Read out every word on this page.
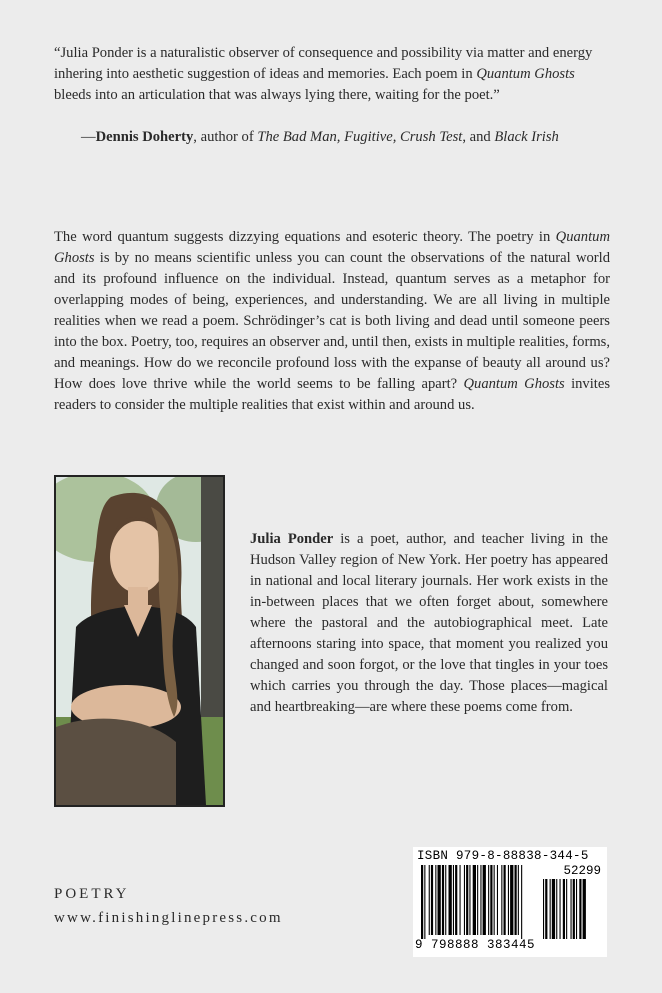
“Julia Ponder is a naturalistic observer of consequence and possibility via matter and energy inhering into aesthetic suggestion of ideas and memories. Each poem in Quantum Ghosts bleeds into an articulation that was always lying there, waiting for the poet.”
—Dennis Doherty, author of The Bad Man, Fugitive, Crush Test, and Black Irish
The word quantum suggests dizzying equations and esoteric theory. The poetry in Quantum Ghosts is by no means scientific unless you can count the observations of the natural world and its profound influence on the individual. Instead, quantum serves as a metaphor for overlapping modes of being, experiences, and understanding. We are all living in multiple realities when we read a poem. Schrödinger’s cat is both living and dead until someone peers into the box. Poetry, too, requires an observer and, until then, exists in multiple realities, forms, and meanings. How do we reconcile profound loss with the expanse of beauty all around us? How does love thrive while the world seems to be falling apart? Quantum Ghosts invites readers to consider the multiple realities that exist within and around us.
Julia Ponder is a poet, author, and teacher living in the Hudson Valley region of New York. Her poetry has appeared in national and local literary journals. Her work exists in the in-between places that we often forget about, somewhere where the pastoral and the autobiographical meet. Late afternoons staring into space, that moment you realized you changed and soon forgot, or the love that tingles in your toes which carries you through the day. Those places—magical and heartbreaking—are where these poems come from.
POETRY
www.finishinglinepress.com
ISBN 979-8-88838-344-5
52299
9 798888 383445
